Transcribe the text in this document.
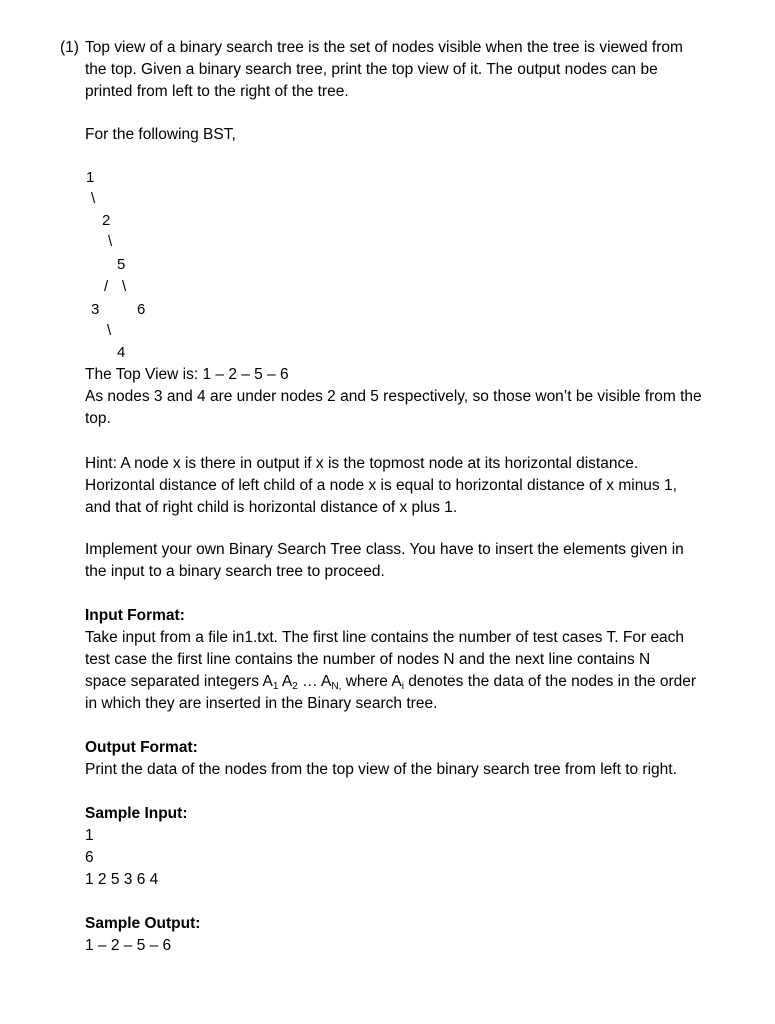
(1) Top view of a binary search tree is the set of nodes visible when the tree is viewed from
the top. Given a binary search tree, print the top view of it. The output nodes can be
printed from left to the right of the tree.
For the following BST,
1
\
2
\
5
/ \
3	6
\
4
The Top View is: 1 – 2 – 5 – 6
As nodes 3 and 4 are under nodes 2 and 5 respectively, so those won’t be visible from the
top.
Hint: A node x is there in output if x is the topmost node at its horizontal distance.
Horizontal distance of left child of a node x is equal to horizontal distance of x minus 1,
and that of right child is horizontal distance of x plus 1.
Implement your own Binary Search Tree class. You have to insert the elements given in
the input to a binary search tree to proceed.
Input Format:
Take input from a file in1.txt. The first line contains the number of test cases T. For each
test case the first line contains the number of nodes N and the next line contains N
space separated integers $A_1$ $A_2$ … $A_{N,}$ where $A_i$ denotes the data of the nodes in the order
in which they are inserted in the Binary search tree.
Output Format:
Print the data of the nodes from the top view of the binary search tree from left to right.
Sample Input:
1
6
1 2 5 3 6 4
Sample Output:
1 – 2 – 5 – 6
